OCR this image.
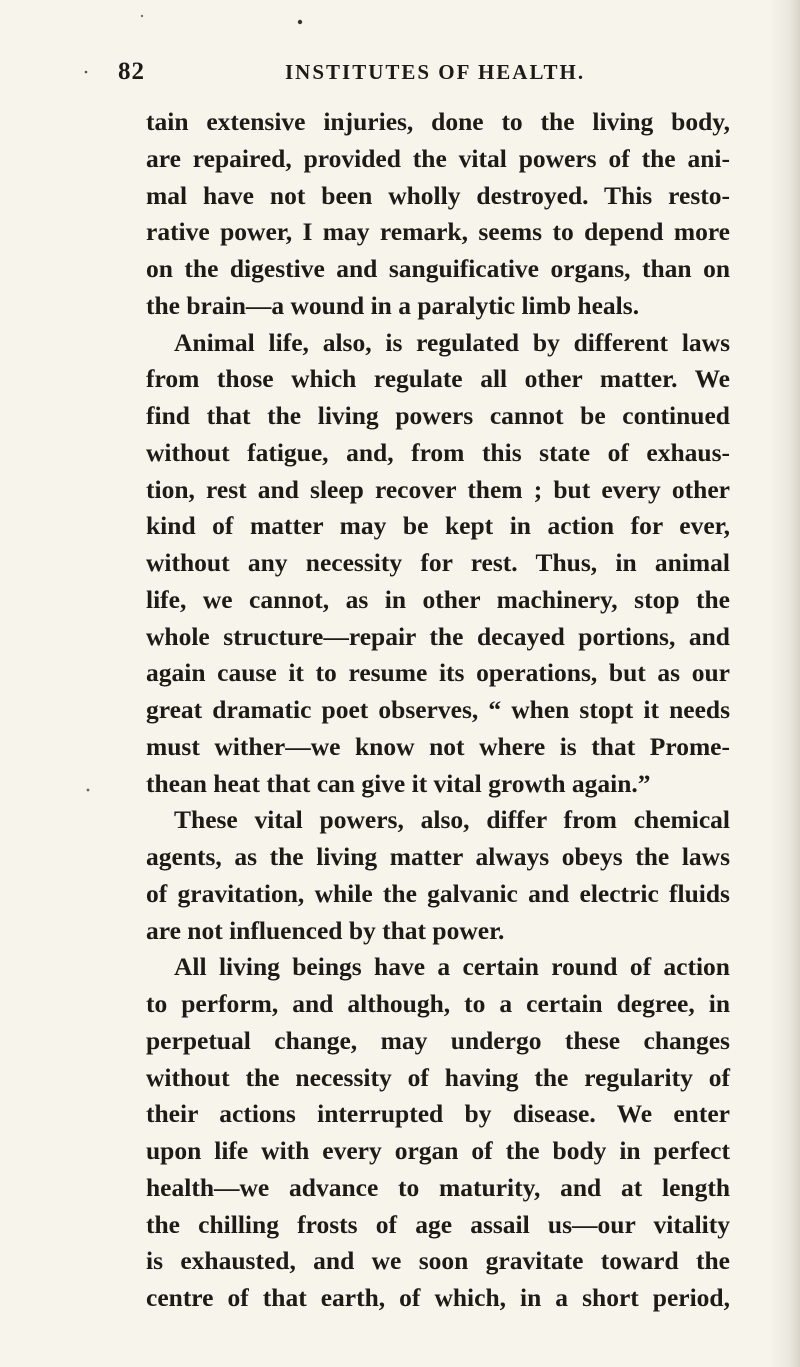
82	INSTITUTES OF HEALTH.
tain extensive injuries, done to the living body,
are repaired, provided the vital powers of the ani-
mal have not been wholly destroyed. This resto-
rative power, I may remark, seems to depend more
on the digestive and sanguificative organs, than on
the brain—a wound in a paralytic limb heals.
Animal life, also, is regulated by different laws
from those which regulate all other matter. We
find that the living powers cannot be continued
without fatigue, and, from this state of exhaus-
tion, rest and sleep recover them ; but every other
kind of matter may be kept in action for ever,
without any necessity for rest. Thus, in animal
life, we cannot, as in other machinery, stop the
whole structure—repair the decayed portions, and
again cause it to resume its operations, but as our
great dramatic poet observes, “ when stopt it needs
must wither—we know not where is that Prome-
thean heat that can give it vital growth again.”
These vital powers, also, differ from chemical
agents, as the living matter always obeys the laws
of gravitation, while the galvanic and electric fluids
are not influenced by that power.
All living beings have a certain round of action
to perform, and although, to a certain degree, in
perpetual change, may undergo these changes
without the necessity of having the regularity of
their actions interrupted by disease. We enter
upon life with every organ of the body in perfect
health—we advance to maturity, and at length
the chilling frosts of age assail us—our vitality
is exhausted, and we soon gravitate toward the
centre of that earth, of which, in a short period,
